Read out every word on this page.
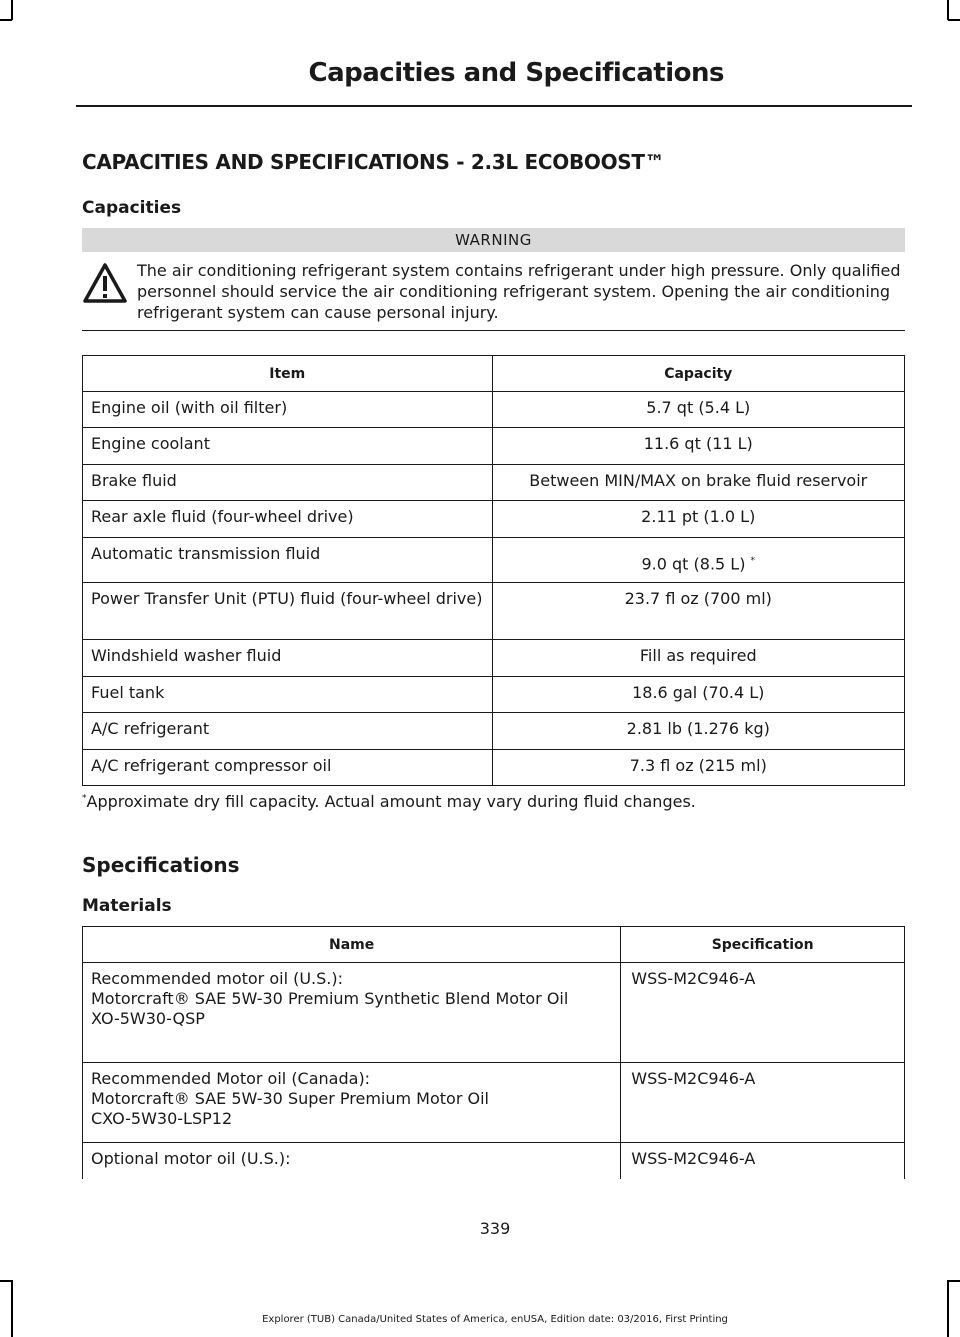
Capacities and Specifications
CAPACITIES AND SPECIFICATIONS - 2.3L ECOBOOST™
Capacities
WARNING
The air conditioning refrigerant system contains refrigerant under high pressure. Only qualified personnel should service the air conditioning refrigerant system. Opening the air conditioning refrigerant system can cause personal injury.
Item	Capacity
Engine oil (with oil filter)	5.7 qt (5.4 L)
Engine coolant	11.6 qt (11 L)
Brake fluid	Between MIN/MAX on brake fluid reservoir
Rear axle fluid (four-wheel drive)	2.11 pt (1.0 L)
Automatic transmission fluid	9.0 qt (8.5 L) *
Power Transfer Unit (PTU) fluid (four-wheel drive)	23.7 fl oz (700 ml)
Windshield washer fluid	Fill as required
Fuel tank	18.6 gal (70.4 L)
A/C refrigerant	2.81 lb (1.276 kg)
A/C refrigerant compressor oil	7.3 fl oz (215 ml)
*Approximate dry fill capacity. Actual amount may vary during fluid changes.
Specifications
Materials
Name	Specification

Recommended motor oil (U.S.):
Motorcraft® SAE 5W-30 Premium Synthetic Blend Motor Oil
XO-5W30-QSP	WSS-M2C946-A

Recommended Motor oil (Canada):
Motorcraft® SAE 5W-30 Super Premium Motor Oil
CXO-5W30-LSP12	WSS-M2C946-A
Optional motor oil (U.S.):	WSS-M2C946-A
339
Explorer (TUB) Canada/United States of America, enUSA, Edition date: 03/2016, First Printing
